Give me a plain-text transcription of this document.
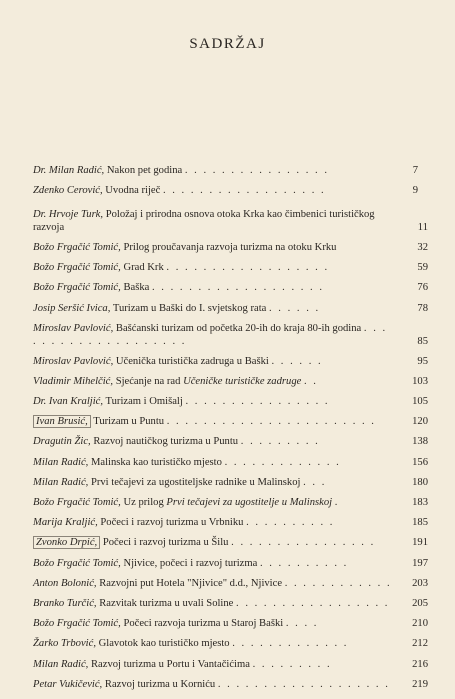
SADRŽAJ
Dr. Milan Radić, Nakon pet godina . . . . . . . . . . . . . . . .	7
Zdenko Cerović, Uvodna riječ . . . . . . . . . . . . . . . . . .	9
Dr. Hrvoje Turk, Položaj i prirodna osnova otoka Krka kao čimbenici turističkog razvoja	11
Božo Frgačić Tomić, Prilog proučavanja razvoja turizma na otoku Krku	32
Božo Frgačić Tomić, Grad Krk . . . . . . . . . . . . . . . . . .	59
Božo Frgačić Tomić, Baška . . . . . . . . . . . . . . . . . . .	76
Josip Seršić Ivica, Turizam u Baški do I. svjetskog rata . . . . . .	78
Miroslav Pavlović, Bašćanski turizam od početka 20-ih do kraja 80-ih godina . . . . . . . . . . . . . . . . . . . .	85
Miroslav Pavlović, Učenička turistička zadruga u Baški . . . . . .	95
Vladimir Mihelčić, Sjećanje na rad Učeničke turističke zadruge . .	103
Dr. Ivan Kraljić, Turizam i Omišalj . . . . . . . . . . . . . . . .	105
Ivan Brusić, Turizam u Puntu . . . . . . . . . . . . . . . . . . . . . . .	120
Dragutin Žic, Razvoj nautičkog turizma u Puntu . . . . . . . . .	138
Milan Radić, Malinska kao turističko mjesto . . . . . . . . . . . . .	156
Milan Radić, Prvi tečajevi za ugostiteljske radnike u Malinskoj . . .	180
Božo Frgačić Tomić, Uz prilog Prvi tečajevi za ugostitelje u Malinskoj .	183
Marija Kraljić, Počeci i razvoj turizma u Vrbniku . . . . . . . . . .	185
Zvonko Drpić, Počeci i razvoj turizma u Šilu . . . . . . . . . . . . . . . .	191
Božo Frgačić Tomić, Njivice, počeci i razvoj turizma . . . . . . . . . .	197
Anton Bolonić, Razvojni put Hotela "Njivice" d.d., Njivice . . . . . . . . . . . .	203
Branko Turčić, Razvitak turizma u uvali Soline . . . . . . . . . . . . . . . . .	205
Božo Frgačić Tomić, Počeci razvoja turizma u Staroj Baški . . . .	210
Žarko Trbović, Glavotok kao turističko mjesto . . . . . . . . . . . . .	212
Milan Radić, Razvoj turizma u Portu i Vantačićima . . . . . . . . .	216
Petar Vukičević, Razvoj turizma u Korniću . . . . . . . . . . . . . . . . . . .	219
